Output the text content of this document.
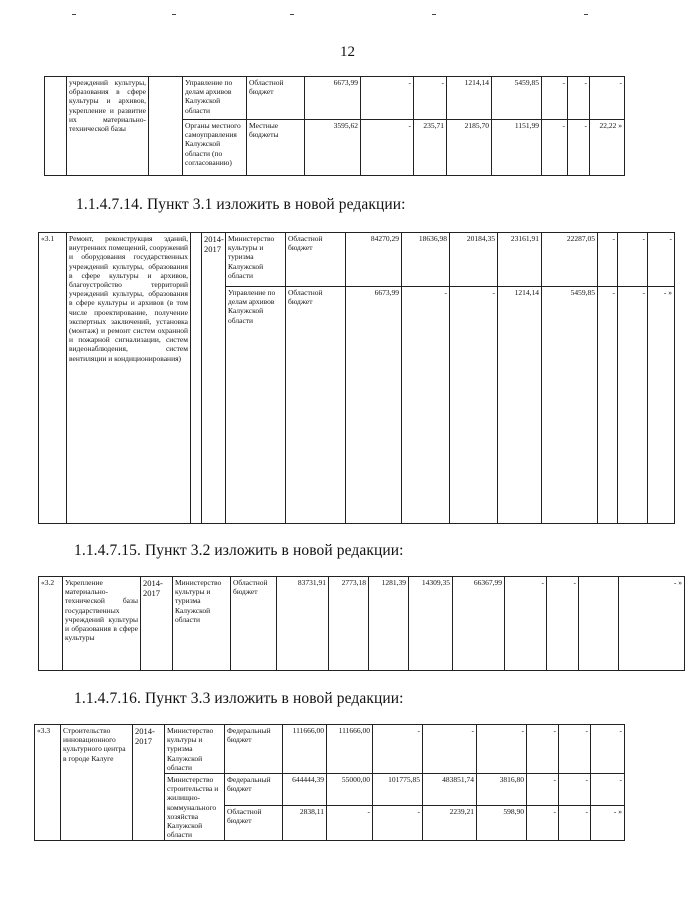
12
	учреждений культуры, образования в сфере культуры и архивов, укрепление и развитие их материально-технической базы			Управление по делам архивов Калужской области	Областной бюджет	6673,99	-	-	1214,14	5459,85	-	-	-
				Органы местного самоуправления Калужской области (по согласованию)	Местные бюджеты	3595,62	-	235,71	2185,70	1151,99	-	-	22,22 »
1.1.4.7.14. Пункт 3.1 изложить в новой редакции:
«3.1	Ремонт, реконструкция зданий, внутренних помещений, сооружений и оборудования государственных учреждений культуры, образования в сфере культуры и архивов, благоустройство территорий учреждений культуры, образования в сфере культуры и архивов (в том числе проектирование, получение экспертных заключений, установка (монтаж) и ремонт систем охранной и пожарной сигнализации, систем видеонаблюдения, систем вентиляции и кондиционирования)		2014-2017	Министерство культуры и туризма Калужской области	Областной бюджет	84270,29	18636,98	20184,35	23161,91	22287,05	-	-	-
				Управление по делам архивов Калужской области	Областной бюджет	6673,99	-	-	1214,14	5459,85	-	-	- »
1.1.4.7.15. Пункт 3.2 изложить в новой редакции:
«3.2	Укрепление материально-технической базы государственных учреждений культуры и образования в сфере культуры	2014-2017	Министерство культуры и туризма Калужской области	Областной бюджет	83731,91	2773,18	1281,39	14309,35	66367,99	-	-		- »
1.1.4.7.16. Пункт 3.3 изложить в новой редакции:
«3.3	Строительство инновационного культурного центра в городе Калуге	2014-2017	Министерство культуры и туризма Калужской области	Федеральный бюджет	111666,00	111666,00	-	-	-	-	-		-
			Министерство строительства и жилищно-коммунального хозяйства Калужской области	Федеральный бюджет	644444,39	55000,00	101775,85	483851,74	3816,80	-	-		-
				Областной бюджет	2838,11	-	-	2239,21	598,90	-	-		- »
